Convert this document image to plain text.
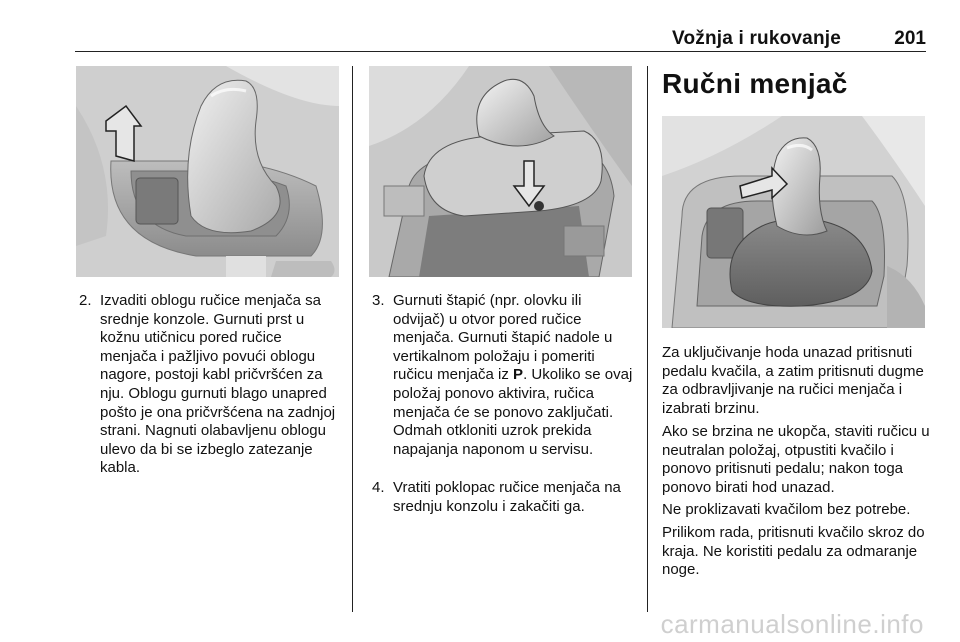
Vožnja i rukovanje	201
2. Izvaditi oblogu ručice menjača sa srednje konzole. Gurnuti prst u kožnu utičnicu pored ručice menjača i pažljivo povući oblogu nagore, postoji kabl pričvršćen za nju. Oblogu gurnuti blago unapred pošto je ona pričvršćena na zadnjoj strani. Nagnuti olabavljenu oblogu ulevo da bi se izbeglo zatezanje kabla.
3. Gurnuti štapić (npr. olovku ili odvijač) u otvor pored ručice menjača. Gurnuti štapić nadole u vertikalnom položaju i pomeriti ručicu menjača iz P. Ukoliko se ovaj položaj ponovo aktivira, ručica menjača će se ponovo zaključati. Odmah otkloniti uzrok prekida napajanja naponom u servisu.
4. Vratiti poklopac ručice menjača na srednju konzolu i zakačiti ga.
Ručni menjač
Za uključivanje hoda unazad pritisnuti pedalu kvačila, a zatim pritisnuti dugme za odbravljivanje na ručici menjača i izabrati brzinu.
Ako se brzina ne ukopča, staviti ručicu u neutralan položaj, otpustiti kvačilo i ponovo pritisnuti pedalu; nakon toga ponovo birati hod unazad.
Ne proklizavati kvačilom bez potrebe.
Prilikom rada, pritisnuti kvačilo skroz do kraja. Ne koristiti pedalu za odmaranje noge.
carmanualsonline.info
